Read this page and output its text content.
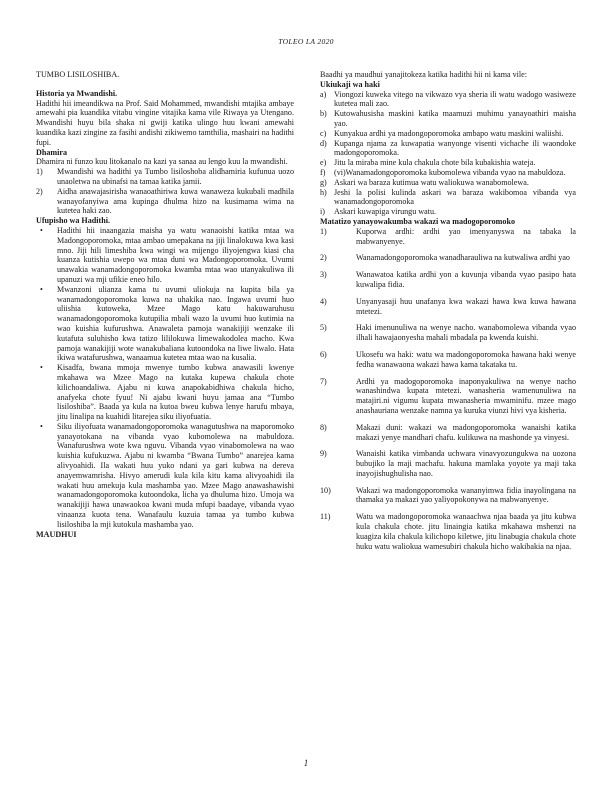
TOLEO LA 2020

TUMBO LISILOSHIBA.

Historia ya Mwandishi.

Hadithi hii imeandikwa na Prof. Said Mohammed, mwandishi mtajika ambaye amewahi pia kuandika vitabu vingine vitajika kama vile Riwaya ya Utengano. Mwandishi huyu bila shaka ni gwiji katika ulingo huu kwani amewahi kuandika kazi zingine za fasihi andishi zikiwemo tamthilia, mashairi na hadithi fupi.

Dhamira

Dhamira ni funzo kuu litokanalo na kazi ya sanaa au lengo kuu la mwandishi.

1)	Mwandishi wa hadithi ya Tumbo lisiloshoba alidhamiria kufunua uozo unaoletwa na ubinafsi na tamaa katika jamii.
2)	Aidha anawajasirisha wanaoathiriwa kuwa wanaweza kukubali madhila wanayofanyiwa ama kupinga dhulma hizo na kusimama wima na kutetea haki zao.

Ufupisho wa Hadithi.

•	Hadithi hii inaangazia maisha ya watu wanaoishi katika mtaa wa Madongoporomoka, mtaa ambao umepakana na jiji linalokuwa kwa kasi mno. Jiji hili limeshiba kwa wingi wa mijengo iliyojengwa kiasi cha kuanza kutishia uwepo wa mtaa duni wa Madongoporomoka. Uvumi unawakia wanamadongoporomoka kwamba mtaa wao utanyakuliwa ili upanuzi wa mji ufikie eneo hilo.
•	Mwanzoni ulianza kama tu uvumi uliokuja na kupita bila ya wanamadongoporomoka kuwa na uhakika nao. Ingawa uvumi huo uliishia kutoweka, Mzee Mago katu hakuwaruhusu wanamadongoporomoka kutupilia mbali wazo la uvumi huo kutimia na wao kuishia kufurushwa. Anawaleta pamoja wanakijiji wenzake ili kutafuta suluhisho kwa tatizo lililokuwa limewakodolea macho. Kwa pamoja wanakijiji wote wanakubaliana kutoondoka na liwe liwalo. Hata ikiwa watafurushwa, wanaamua kutetea mtaa wao na kusalia.
•	Kisadfa, bwana mmoja mwenye tumbo kubwa anawasili kwenye mkahawa wa Mzee Mago na kutaka kupewa chakula chote kilichoandaliwa. Ajabu ni kuwa anapokabidhiwa chakula hicho, anafyeka chote fyuu! Ni ajabu kwani huyu jamaa ana “Tumbo lisiloshiba”. Baada ya kula na kutoa bweu kubwa lenye harufu mbaya, jitu linalipa na kuahidi litarejea siku iliyofuatia.
•	Siku iliyofuata wanamadongoporomoka wanagutushwa na maporomoko yanayotokana na vibanda vyao kubomolewa na mabuldoza. Wanafurushwa wote kwa nguvu. Vibanda vyao vinabomolewa na wao kuishia kufukuzwa. Ajabu ni kwamba “Bwana Tumbo” anarejea kama alivyoahidi. Ila wakati huu yuko ndani ya gari kubwa na dereva anayemwamrisha. Hivyo amerudi kula kila kitu kama alivyoahidi ila wakati huu amekuja kula mashamba yao. Mzee Mago anawashawishi wanamadongoporomoka kutoondoka, licha ya dhuluma hizo. Umoja wa wanakijiji hawa unawaokoa kwani muda mfupi baadaye, vibanda vyao vinaanza kuota tena. Wanafaulu kuzuia tamaa ya tumbo kubwa lisiloshiba la mji kutokula mashamba yao.

MAUDHUI

Baadhi ya maudhui yanajitokeza katika hadithi hii ni kama vile:

Ukiukaji wa haki

a) Viongozi kuweka vitego na vikwazo vya sheria ili watu wadogo wasiweze kutetea mali zao.
b) Kutowahusisha maskini katika maamuzi muhimu yanayoathiri maisha yao.
c) Kunyakua ardhi ya madongoporomoka ambapo watu maskini waliishi.
d) Kupanga njama za kuwapatia wanyonge visenti vichache ili waondoke madongoporomoka.
e) Jitu la miraba mine kula chakula chote bila kubakishia wateja.
f)	(vi)Wanamadongoporomoka kubomolewa vibanda vyao na mabuldoza.
g) Askari wa baraza kutimua watu waliokuwa wanabomolewa.
h) Jeshi la polisi kulinda askari wa baraza wakibomoa vibanda vya wanamadongoporomoka
i)	Askari kuwapiga virungu watu.

Matatizo yanayowakumba wakazi wa madogoporomoko

1)	Kuporwa ardhi: ardhi yao imenyanyswa na tabaka la mabwanyenye.
2)	Wanamadongoporomoka wanadharauliwa na kutwaliwa ardhi yao
3)	Wanawatoa katika ardhi yon a kuvunja vibanda vyao pasipo hata kuwalipa fidia.
4)	Unyanyasaji huu unafanya kwa wakazi hawa kwa kuwa hawana mtetezi.
5)	Haki imenunuliwa na wenye nacho. wanabomolewa vibanda vyao ilhali hawajaonyesha mahali mbadala pa kwenda kuishi.
6)	Ukosefu wa haki: watu wa madongoporomoka hawana haki wenye fedha wanawaona wakazi hawa kama takataka tu.
7)	Ardhi ya madogoporomoka inaponyakuliwa na wenye nacho wanashindwa kupata mtetezi. wanasheria wamenunuliwa na matajiri.ni vigumu kupata mwanasheria mwaminifu. mzee mago anashauriana wenzake namna ya kuruka viunzi hivi vya kisheria.
8)	Makazi duni: wakazi wa madongoporomoka wanaishi katika makazi yenye mandhari chafu. kulikuwa na mashonde ya vinyesi.
9)	Wanaishi katika vimbanda uchwara vinavyozungukwa na uozona bubujiko la maji machafu. hakuna mamlaka yoyote ya maji taka inayojishughulisha nao.
10)	Wakazi wa madongoporomoka wananyimwa fidia inayolingana na thamaka ya makazi yao yaliyopokonywa na mabwanyenye.
11)	Watu wa madongoporomoka wanaachwa njaa baada ya jitu kubwa kula chakula chote. jitu linaingia katika mkahawa mshenzi na kuagiza kila chakula kilichopo kiletwe, jitu linabugia chakula chote huku watu waliokua wamesubiri chakula hicho wakibakia na njaa.
1
